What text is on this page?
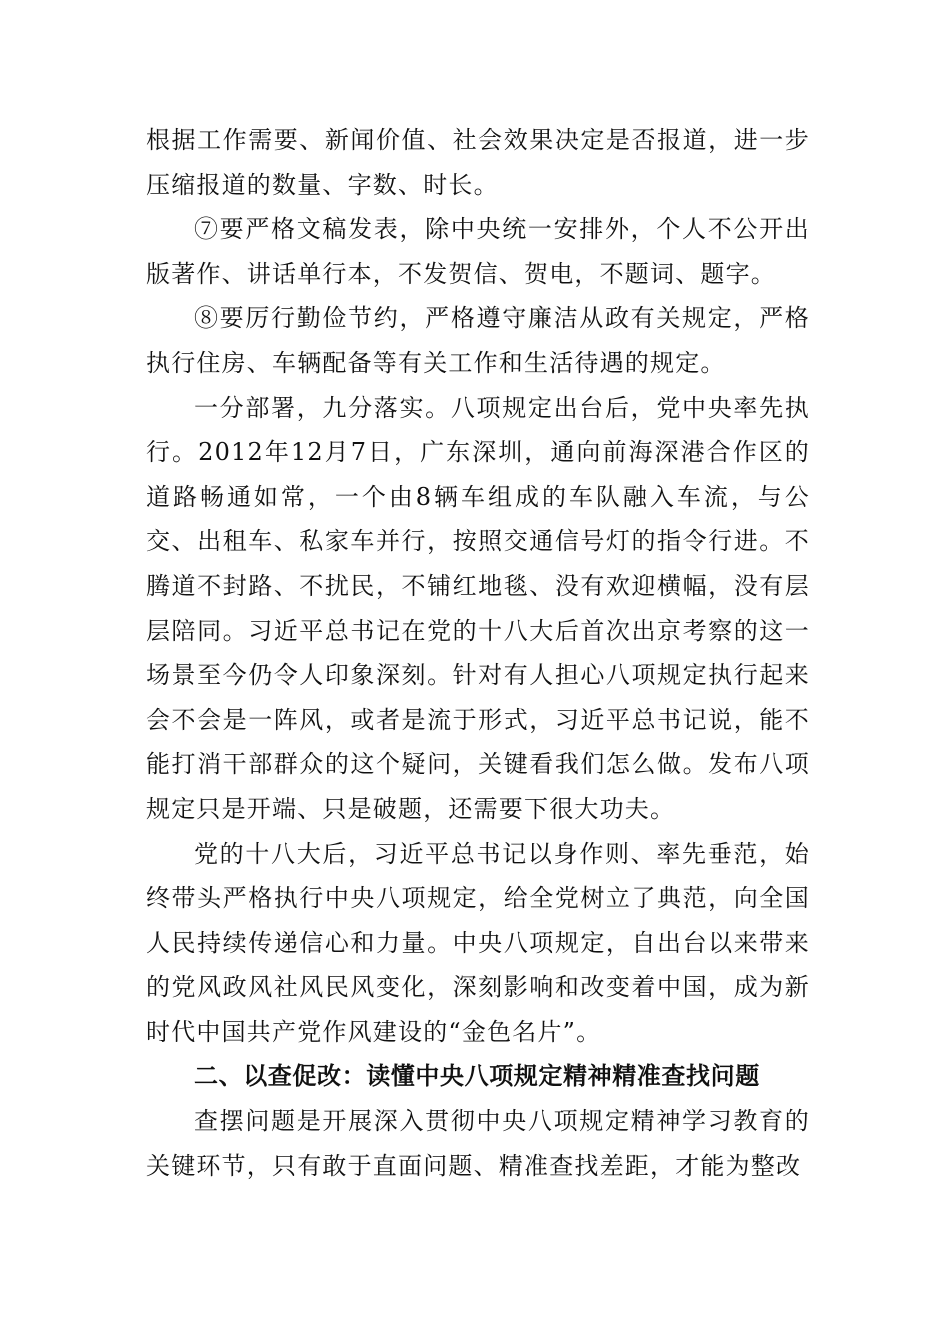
根据工作需要、新闻价值、社会效果决定是否报道，进一步压缩报道的数量、字数、时长。

⑦要严格文稿发表，除中央统一安排外，个人不公开出版著作、讲话单行本，不发贺信、贺电，不题词、题字。

⑧要厉行勤俭节约，严格遵守廉洁从政有关规定，严格执行住房、车辆配备等有关工作和生活待遇的规定。

一分部署，九分落实。八项规定出台后，党中央率先执行。2012年12月7日，广东深圳，通向前海深港合作区的道路畅通如常，一个由8辆车组成的车队融入车流，与公交、出租车、私家车并行，按照交通信号灯的指令行进。不腾道不封路、不扰民，不铺红地毯、没有欢迎横幅，没有层层陪同。习近平总书记在党的十八大后首次出京考察的这一场景至今仍令人印象深刻。针对有人担心八项规定执行起来会不会是一阵风，或者是流于形式，习近平总书记说，能不能打消干部群众的这个疑问，关键看我们怎么做。发布八项规定只是开端、只是破题，还需要下很大功夫。

党的十八大后，习近平总书记以身作则、率先垂范，始终带头严格执行中央八项规定，给全党树立了典范，向全国人民持续传递信心和力量。中央八项规定，自出台以来带来的党风政风社风民风变化，深刻影响和改变着中国，成为新时代中国共产党作风建设的“金色名片”。

二、以查促改：读懂中央八项规定精神精准查找问题

查摆问题是开展深入贯彻中央八项规定精神学习教育的关键环节，只有敢于直面问题、精准查找差距，才能为整改
